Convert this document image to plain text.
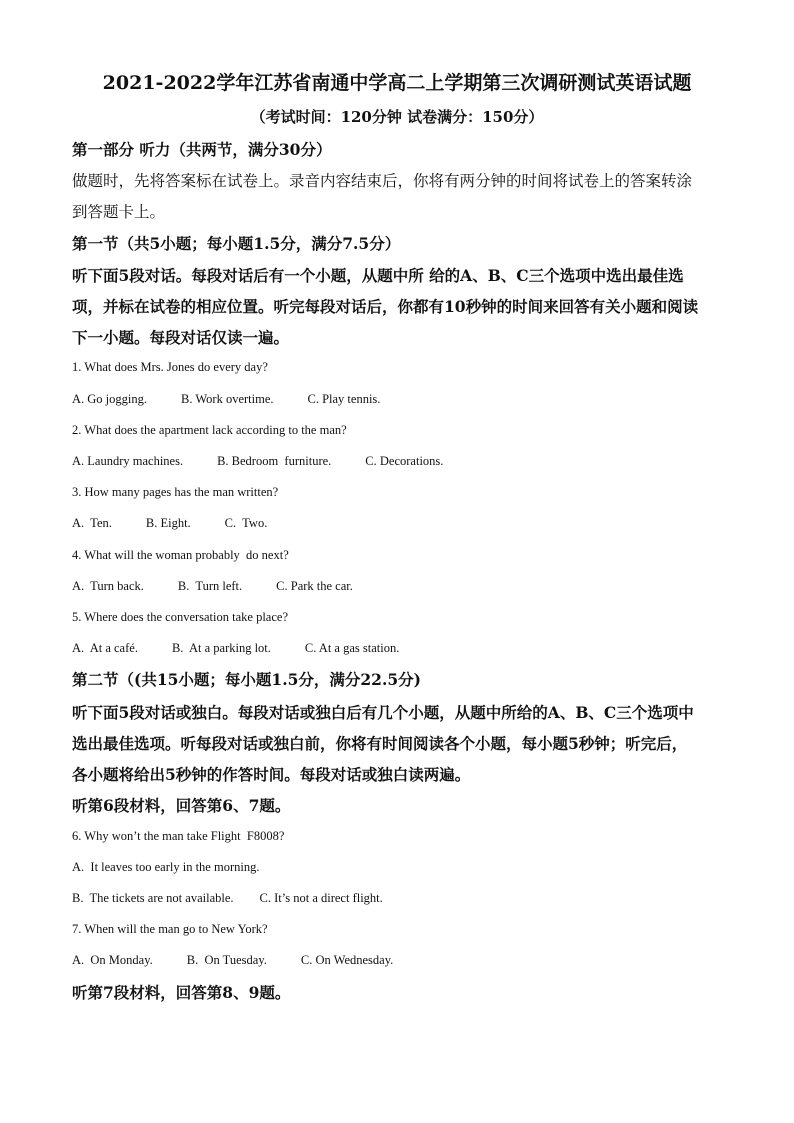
2021-2022学年江苏省南通中学高二上学期第三次调研测试英语试题
（考试时间：120分钟 试卷满分：150分）
第一部分 听力（共两节，满分30分）
做题时，先将答案标在试卷上。录音内容结束后，你将有两分钟的时间将试卷上的答案转涂
到答题卡上。
第一节（共5小题；每小题1.5分，满分7.5分）
听下面5段对话。每段对话后有一个小题，从题中所 给的A、B、C三个选项中选出最佳选
项，并标在试卷的相应位置。听完每段对话后，你都有10秒钟的时间来回答有关小题和阅读
下一小题。每段对话仅读一遍。
1. What does Mrs. Jones do every day?
A. Go jogging.	B. Work overtime.	C. Play tennis.
2. What does the apartment lack according to the man?
A. Laundry machines.	B. Bedroom  furniture.	C. Decorations.
3. How many pages has the man written?
A.  Ten.	B. Eight.	C.  Two.
4. What will the woman probably  do next?
A.  Turn back.	B.  Turn left.	C. Park the car.
5. Where does the conversation take place?
A.  At a café.	B.  At a parking lot.	C. At a gas station.
第二节（(共15小题；每小题1.5分，满分22.5分)
听下面5段对话或独白。每段对话或独白后有几个小题，从题中所给的A、B、C三个选项中
选出最佳选项。听每段对话或独白前，你将有时间阅读各个小题，每小题5秒钟；听完后，
各小题将给出5秒钟的作答时间。每段对话或独白读两遍。
听第6段材料，回答第6、7题。
6. Why won’t the man take Flight  F8008?
A.  It leaves too early in the morning.
B.  The tickets are not available. C. It’s not a direct flight.
7. When will the man go to New York?
A.  On Monday.	B.  On Tuesday.	C. On Wednesday.
听第7段材料，回答第8、9题。
